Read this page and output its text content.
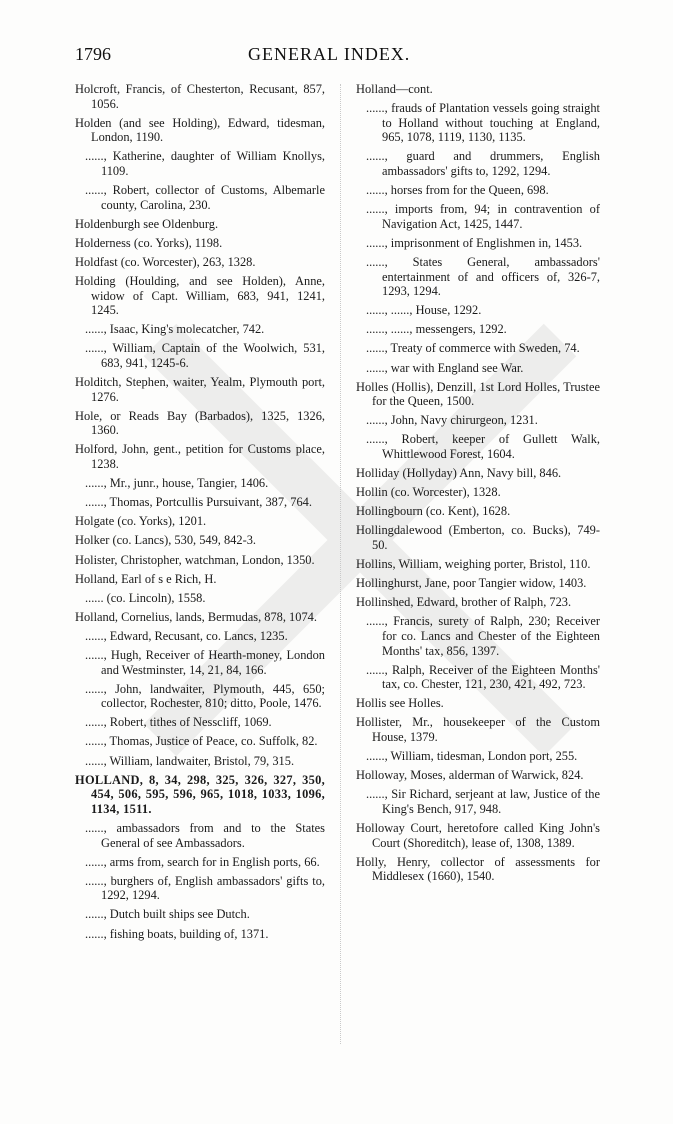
1796	GENERAL INDEX.
Holcroft, Francis, of Chesterton, Recusant, 857, 1056.
Holden (and see Holding), Edward, tidesman, London, 1190.
......, Katherine, daughter of William Knollys, 1109.
......, Robert, collector of Customs, Albemarle county, Carolina, 230.
Holdenburgh see Oldenburg.
Holderness (co. Yorks), 1198.
Holdfast (co. Worcester), 263, 1328.
Holding (Houlding, and see Holden), Anne, widow of Capt. William, 683, 941, 1241, 1245.
......, Isaac, King's molecatcher, 742.
......, William, Captain of the Woolwich, 531, 683, 941, 1245-6.
Holditch, Stephen, waiter, Yealm, Plymouth port, 1276.
Hole, or Reads Bay (Barbados), 1325, 1326, 1360.
Holford, John, gent., petition for Customs place, 1238.
......, Mr., junr., house, Tangier, 1406.
......, Thomas, Portcullis Pursuivant, 387, 764.
Holgate (co. Yorks), 1201.
Holker (co. Lancs), 530, 549, 842-3.
Holister, Christopher, watchman, London, 1350.
Holland, Earl of s e Rich, H.
...... (co. Lincoln), 1558.
Holland, Cornelius, lands, Bermudas, 878, 1074.
......, Edward, Recusant, co. Lancs, 1235.
......, Hugh, Receiver of Hearth-money, London and Westminster, 14, 21, 84, 166.
......, John, landwaiter, Plymouth, 445, 650; collector, Rochester, 810; ditto, Poole, 1476.
......, Robert, tithes of Nesscliff, 1069.
......, Thomas, Justice of Peace, co. Suffolk, 82.
......, William, landwaiter, Bristol, 79, 315.
HOLLAND, 8, 34, 298, 325, 326, 327, 350, 454, 506, 595, 596, 965, 1018, 1033, 1096, 1134, 1511.
......, ambassadors from and to the States General of see Ambassadors.
......, arms from, search for in English ports, 66.
......, burghers of, English ambassadors' gifts to, 1292, 1294.
......, Dutch built ships see Dutch.
......, fishing boats, building of, 1371.
Holland—cont.
......, frauds of Plantation vessels going straight to Holland without touching at England, 965, 1078, 1119, 1130, 1135.
......, guard and drummers, English ambassadors' gifts to, 1292, 1294.
......, horses from for the Queen, 698.
......, imports from, 94; in contravention of Navigation Act, 1425, 1447.
......, imprisonment of Englishmen in, 1453.
......, States General, ambassadors' entertainment of and officers of, 326-7, 1293, 1294.
......, ......, House, 1292.
......, ......, messengers, 1292.
......, Treaty of commerce with Sweden, 74.
......, war with England see War.
Holles (Hollis), Denzill, 1st Lord Holles, Trustee for the Queen, 1500.
......, John, Navy chirurgeon, 1231.
......, Robert, keeper of Gullett Walk, Whittlewood Forest, 1604.
Holliday (Hollyday) Ann, Navy bill, 846.
Hollin (co. Worcester), 1328.
Hollingbourn (co. Kent), 1628.
Hollingdalewood (Emberton, co. Bucks), 749-50.
Hollins, William, weighing porter, Bristol, 110.
Hollinghurst, Jane, poor Tangier widow, 1403.
Hollinshed, Edward, brother of Ralph, 723.
......, Francis, surety of Ralph, 230; Receiver for co. Lancs and Chester of the Eighteen Months' tax, 856, 1397.
......, Ralph, Receiver of the Eighteen Months' tax, co. Chester, 121, 230, 421, 492, 723.
Hollis see Holles.
Hollister, Mr., housekeeper of the Custom House, 1379.
......, William, tidesman, London port, 255.
Holloway, Moses, alderman of Warwick, 824.
......, Sir Richard, serjeant at law, Justice of the King's Bench, 917, 948.
Holloway Court, heretofore called King John's Court (Shoreditch), lease of, 1308, 1389.
Holly, Henry, collector of assessments for Middlesex (1660), 1540.
